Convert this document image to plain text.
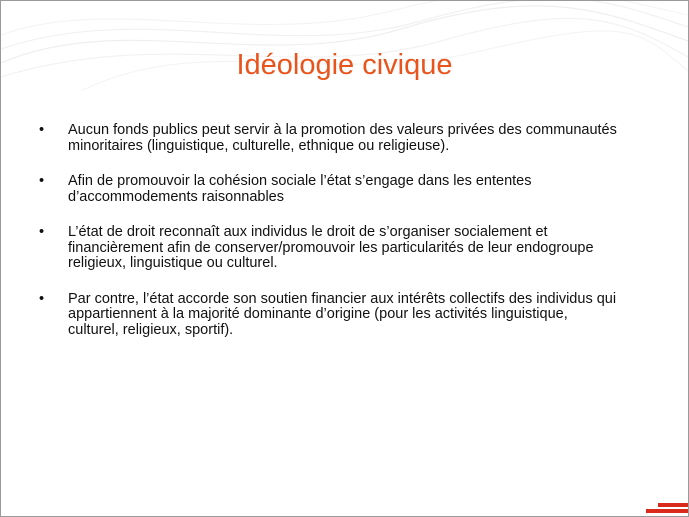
Idéologie civique
• Aucun fonds publics peut servir à la promotion des valeurs privées des communautés
minoritaires (linguistique, culturelle, ethnique ou religieuse).
• Afin de promouvoir la cohésion sociale l’état s’engage dans les ententes
d’accommodements raisonnables
• L’état de droit reconnaît aux individus le droit de s’organiser socialement et
financièrement afin de conserver/promouvoir les particularités de leur endogroupe
religieux, linguistique ou culturel.
• Par contre, l’état accorde son soutien financier aux intérêts collectifs des individus qui
appartiennent à la majorité dominante d’origine (pour les activités linguistique,
culturel, religieux, sportif).
